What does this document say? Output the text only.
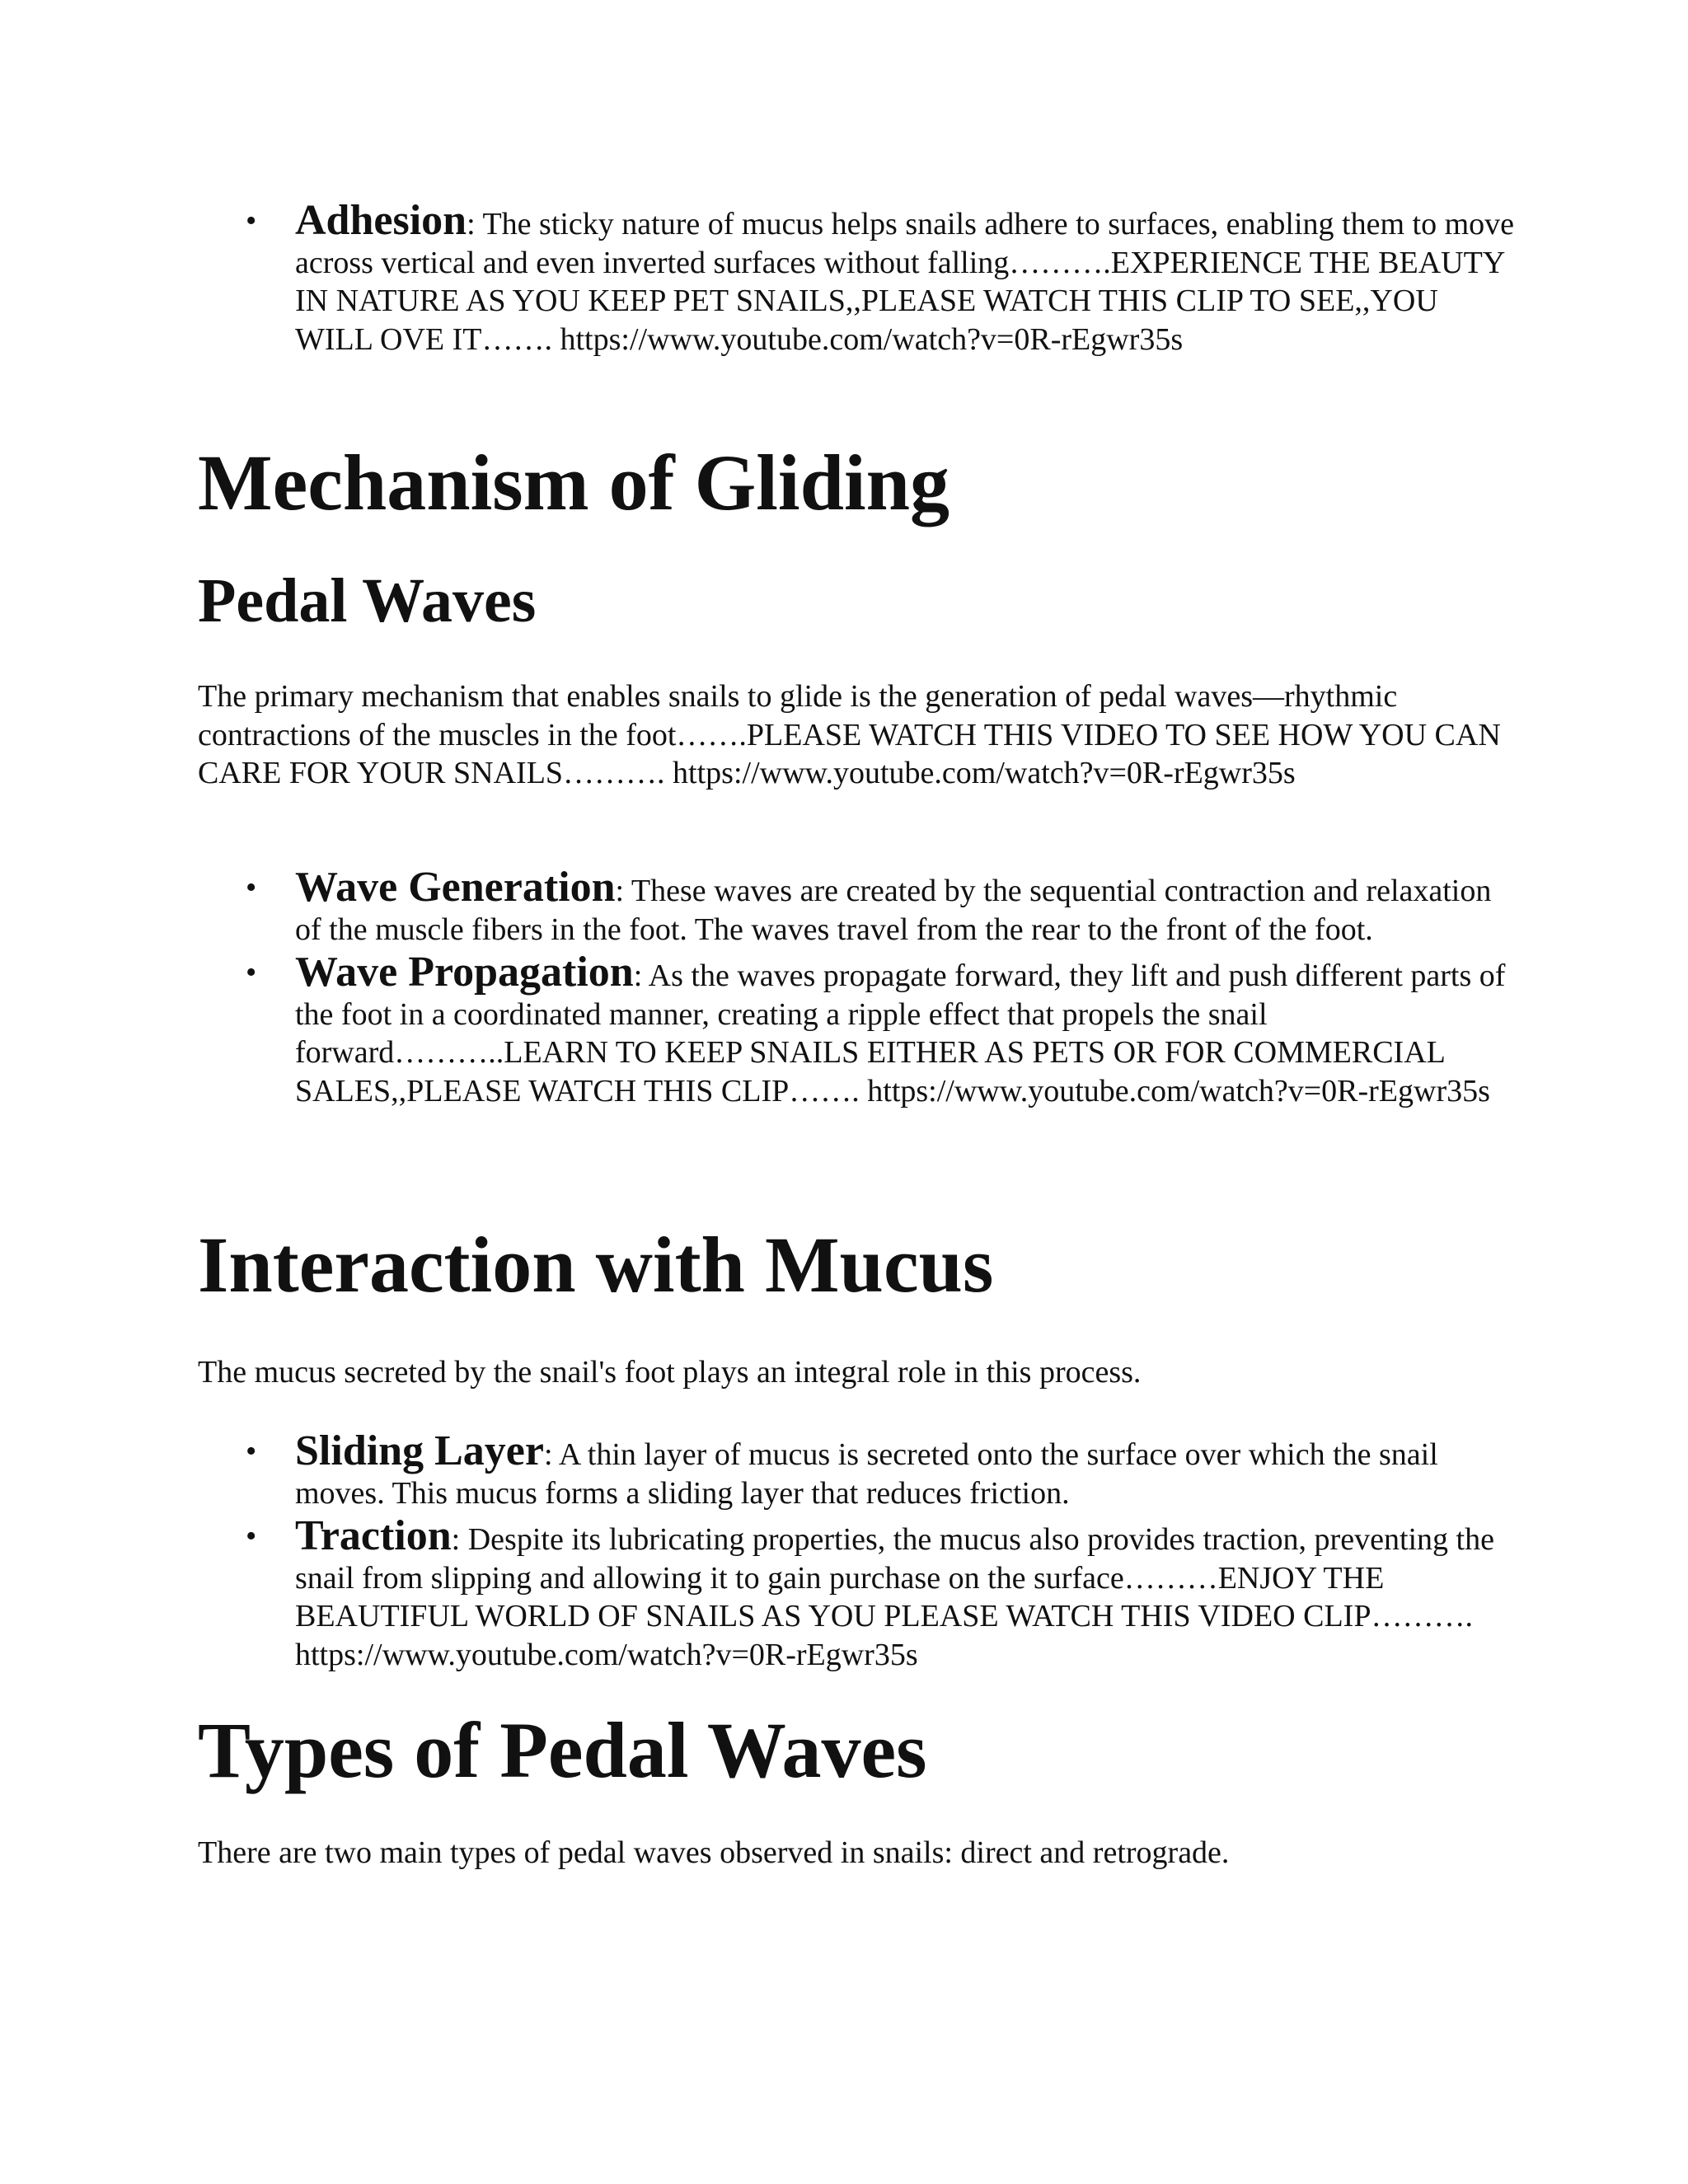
• Adhesion: The sticky nature of mucus helps snails adhere to surfaces, enabling them to move across vertical and even inverted surfaces without falling……….EXPERIENCE THE BEAUTY IN NATURE AS YOU KEEP PET SNAILS,,PLEASE WATCH THIS CLIP TO SEE,,YOU WILL OVE IT……. https://www.youtube.com/watch?v=0R-rEgwr35s
Mechanism of Gliding
Pedal Waves

The primary mechanism that enables snails to glide is the generation of pedal waves—rhythmic contractions of the muscles in the foot…….PLEASE WATCH THIS VIDEO TO SEE HOW YOU CAN CARE FOR YOUR SNAILS………. https://www.youtube.com/watch?v=0R-rEgwr35s

• Wave Generation: These waves are created by the sequential contraction and relaxation of the muscle fibers in the foot. The waves travel from the rear to the front of the foot.
• Wave Propagation: As the waves propagate forward, they lift and push different parts of the foot in a coordinated manner, creating a ripple effect that propels the snail forward………..LEARN TO KEEP SNAILS EITHER AS PETS OR FOR COMMERCIAL SALES,,PLEASE WATCH THIS CLIP……. https://www.youtube.com/watch?v=0R-rEgwr35s
Interaction with Mucus

The mucus secreted by the snail's foot plays an integral role in this process.

• Sliding Layer: A thin layer of mucus is secreted onto the surface over which the snail moves. This mucus forms a sliding layer that reduces friction.
• Traction: Despite its lubricating properties, the mucus also provides traction, preventing the snail from slipping and allowing it to gain purchase on the surface………ENJOY THE BEAUTIFUL WORLD OF SNAILS AS YOU PLEASE WATCH THIS VIDEO CLIP………. https://www.youtube.com/watch?v=0R-rEgwr35s
Types of Pedal Waves

There are two main types of pedal waves observed in snails: direct and retrograde.
